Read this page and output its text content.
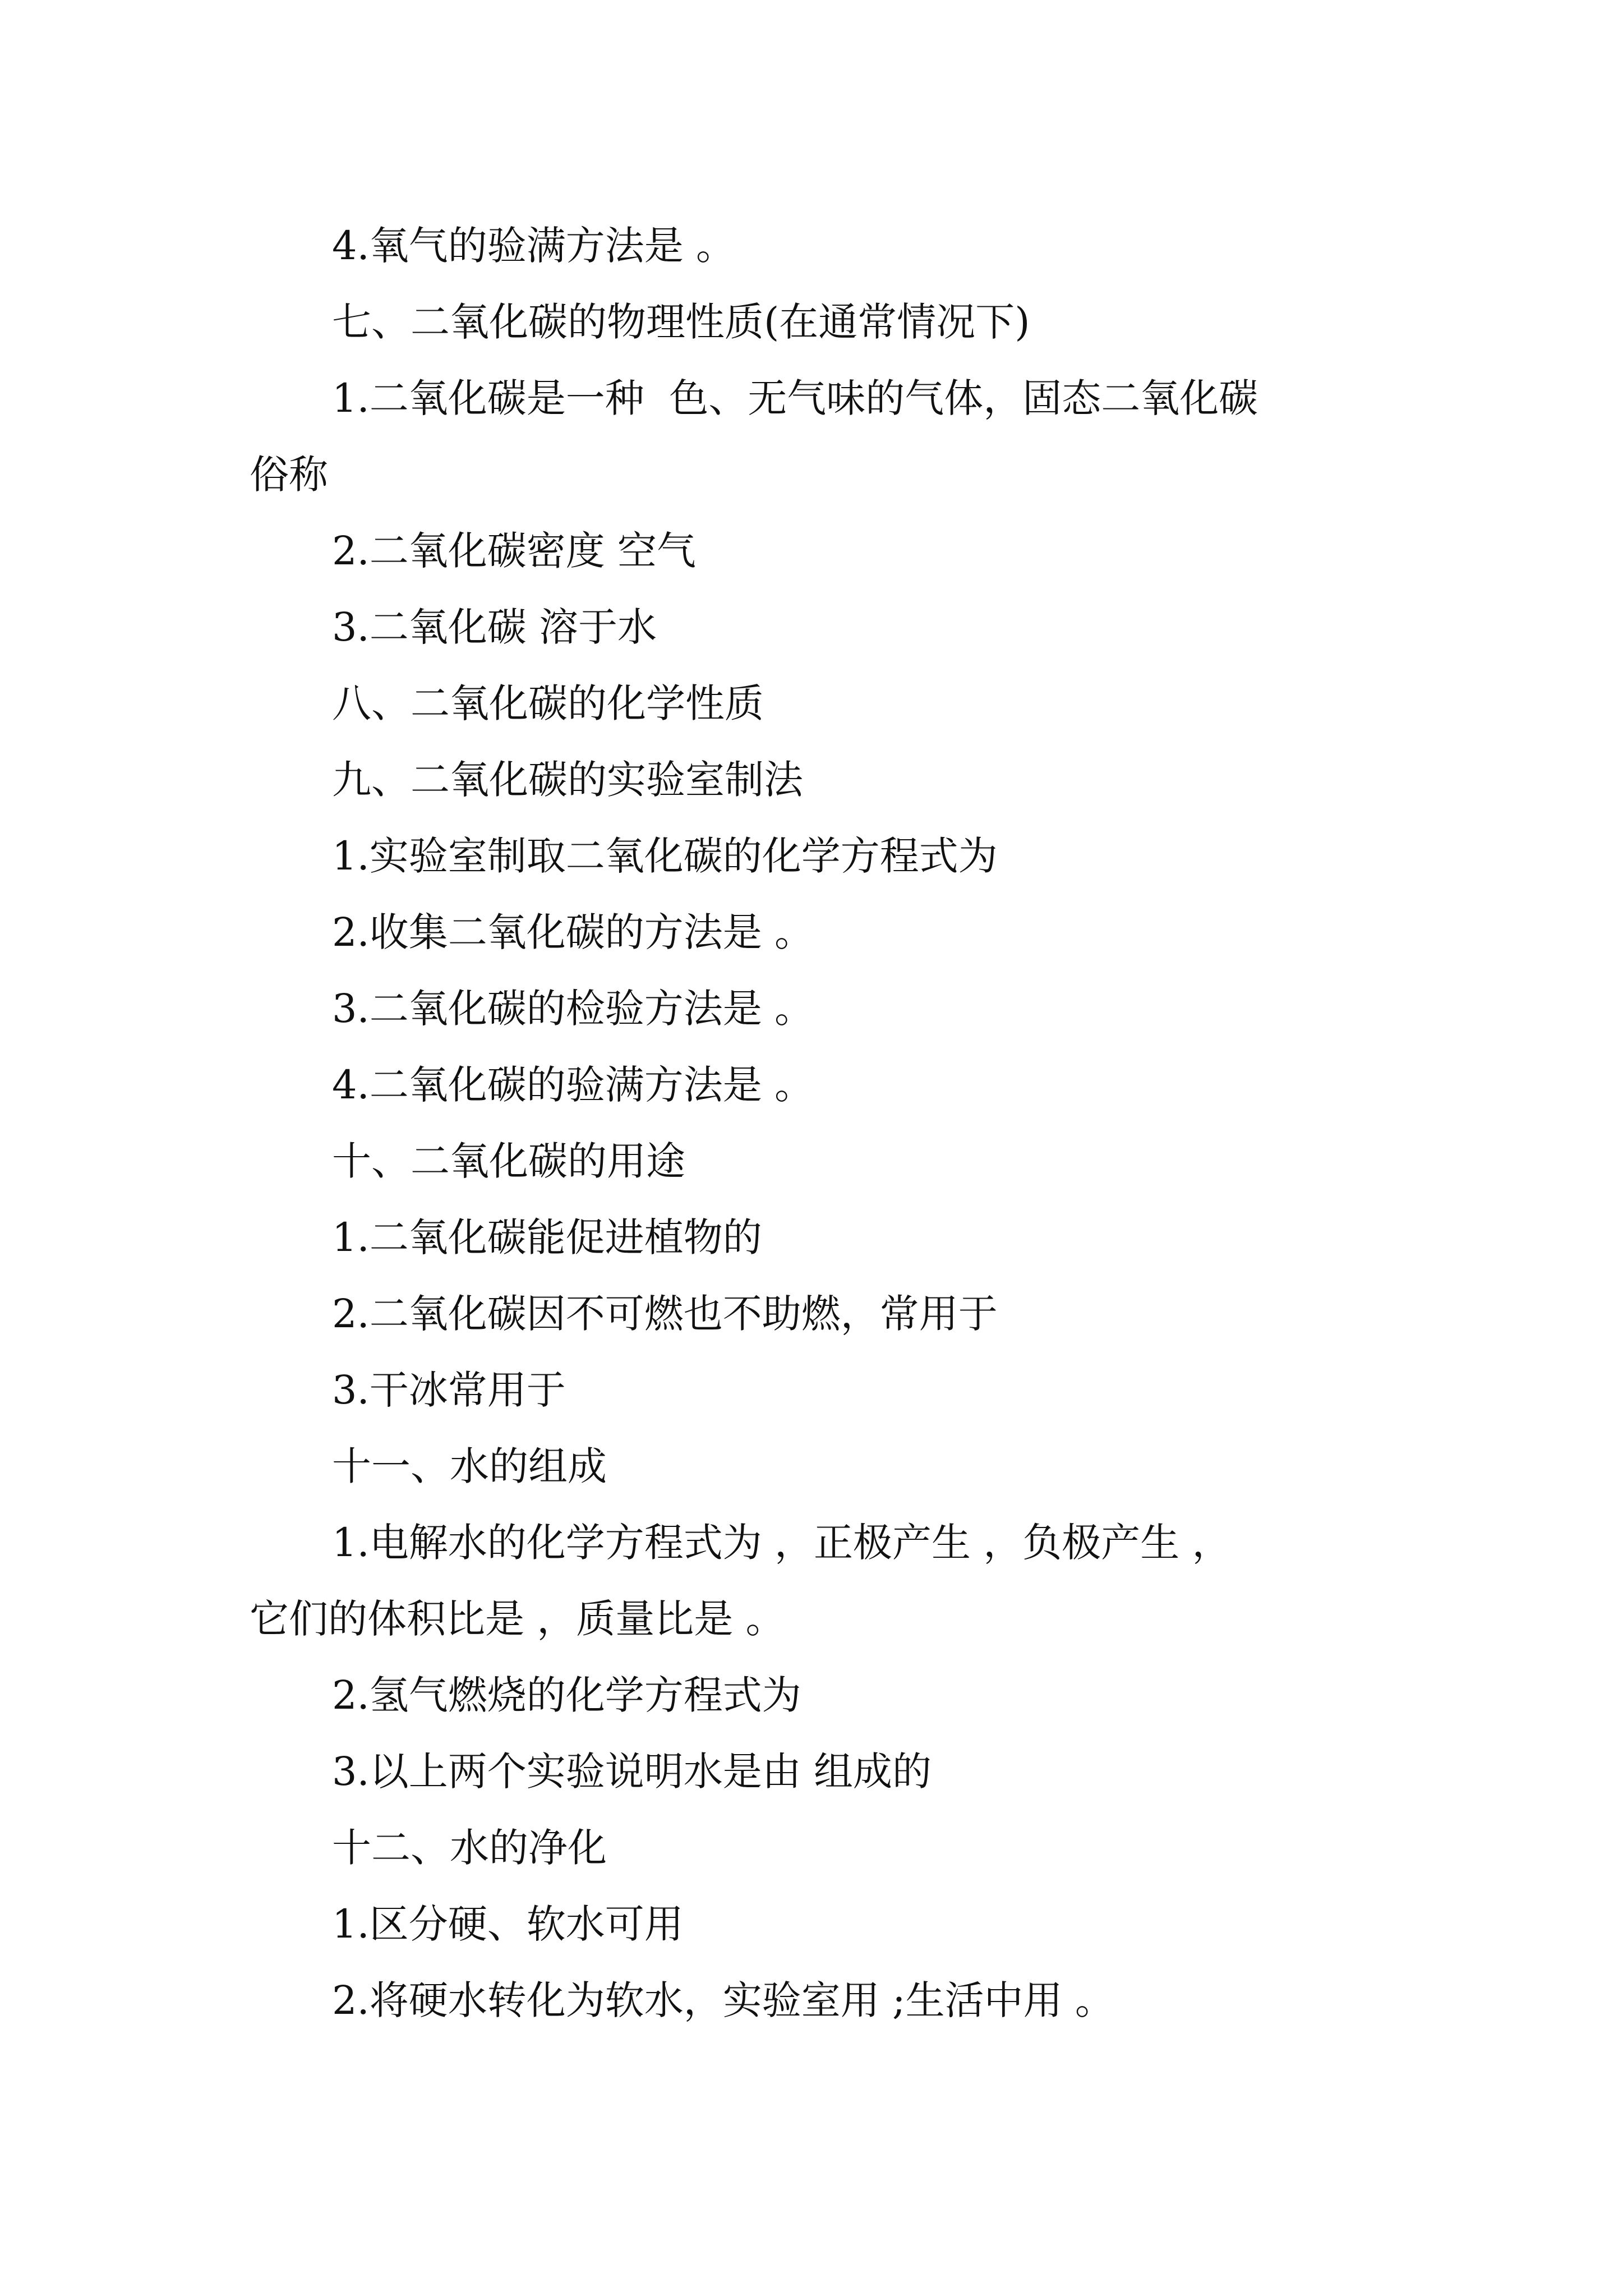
4.氧气的验满方法是 。
七、二氧化碳的物理性质(在通常情况下)
1.二氧化碳是一种  色、无气味的气体，固态二氧化碳
俗称
2.二氧化碳密度 空气
3.二氧化碳 溶于水
八、二氧化碳的化学性质
九、二氧化碳的实验室制法
1.实验室制取二氧化碳的化学方程式为
2.收集二氧化碳的方法是 。
3.二氧化碳的检验方法是 。
4.二氧化碳的验满方法是 。
十、二氧化碳的用途
1.二氧化碳能促进植物的
2.二氧化碳因不可燃也不助燃，常用于
3.干冰常用于
十一、水的组成
1.电解水的化学方程式为 ，正极产生 ，负极产生 ，
它们的体积比是 ，质量比是 。
2.氢气燃烧的化学方程式为
3.以上两个实验说明水是由 组成的
十二、水的净化
1.区分硬、软水可用
2.将硬水转化为软水，实验室用 ;生活中用 。
